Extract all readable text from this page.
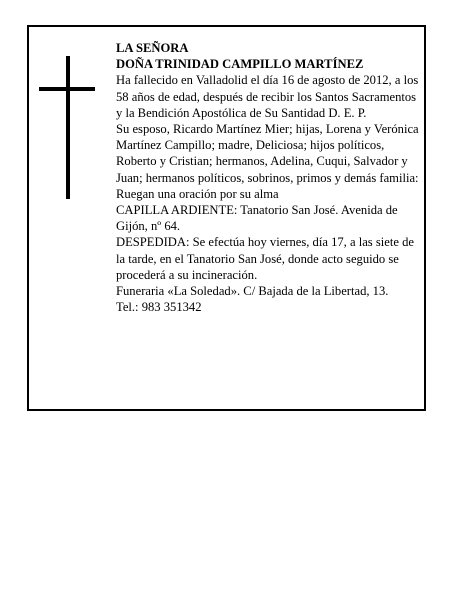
LA SEÑORA

DOÑA TRINIDAD CAMPILLO MARTÍNEZ

Ha fallecido en Valladolid el día 16 de agosto de 2012, a los 58 años de edad, después de recibir los Santos Sacramentos y la Bendición Apostólica de Su Santidad D. E. P.

Su esposo, Ricardo Martínez Mier; hijas, Lorena y Verónica Martínez Campillo; madre, Deliciosa; hijos políticos, Roberto y Cristian; hermanos, Adelina, Cuqui, Salvador y Juan; hermanos políticos, sobrinos, primos y demás familia:

Ruegan una oración por su alma

CAPILLA ARDIENTE: Tanatorio San José. Avenida de Gijón, nº 64.

DESPEDIDA: Se efectúa hoy viernes, día 17, a las siete de la tarde, en el Tanatorio San José, donde acto seguido se procederá a su incineración.

Funeraria «La Soledad». C/ Bajada de la Libertad, 13.

Tel.: 983 351342
